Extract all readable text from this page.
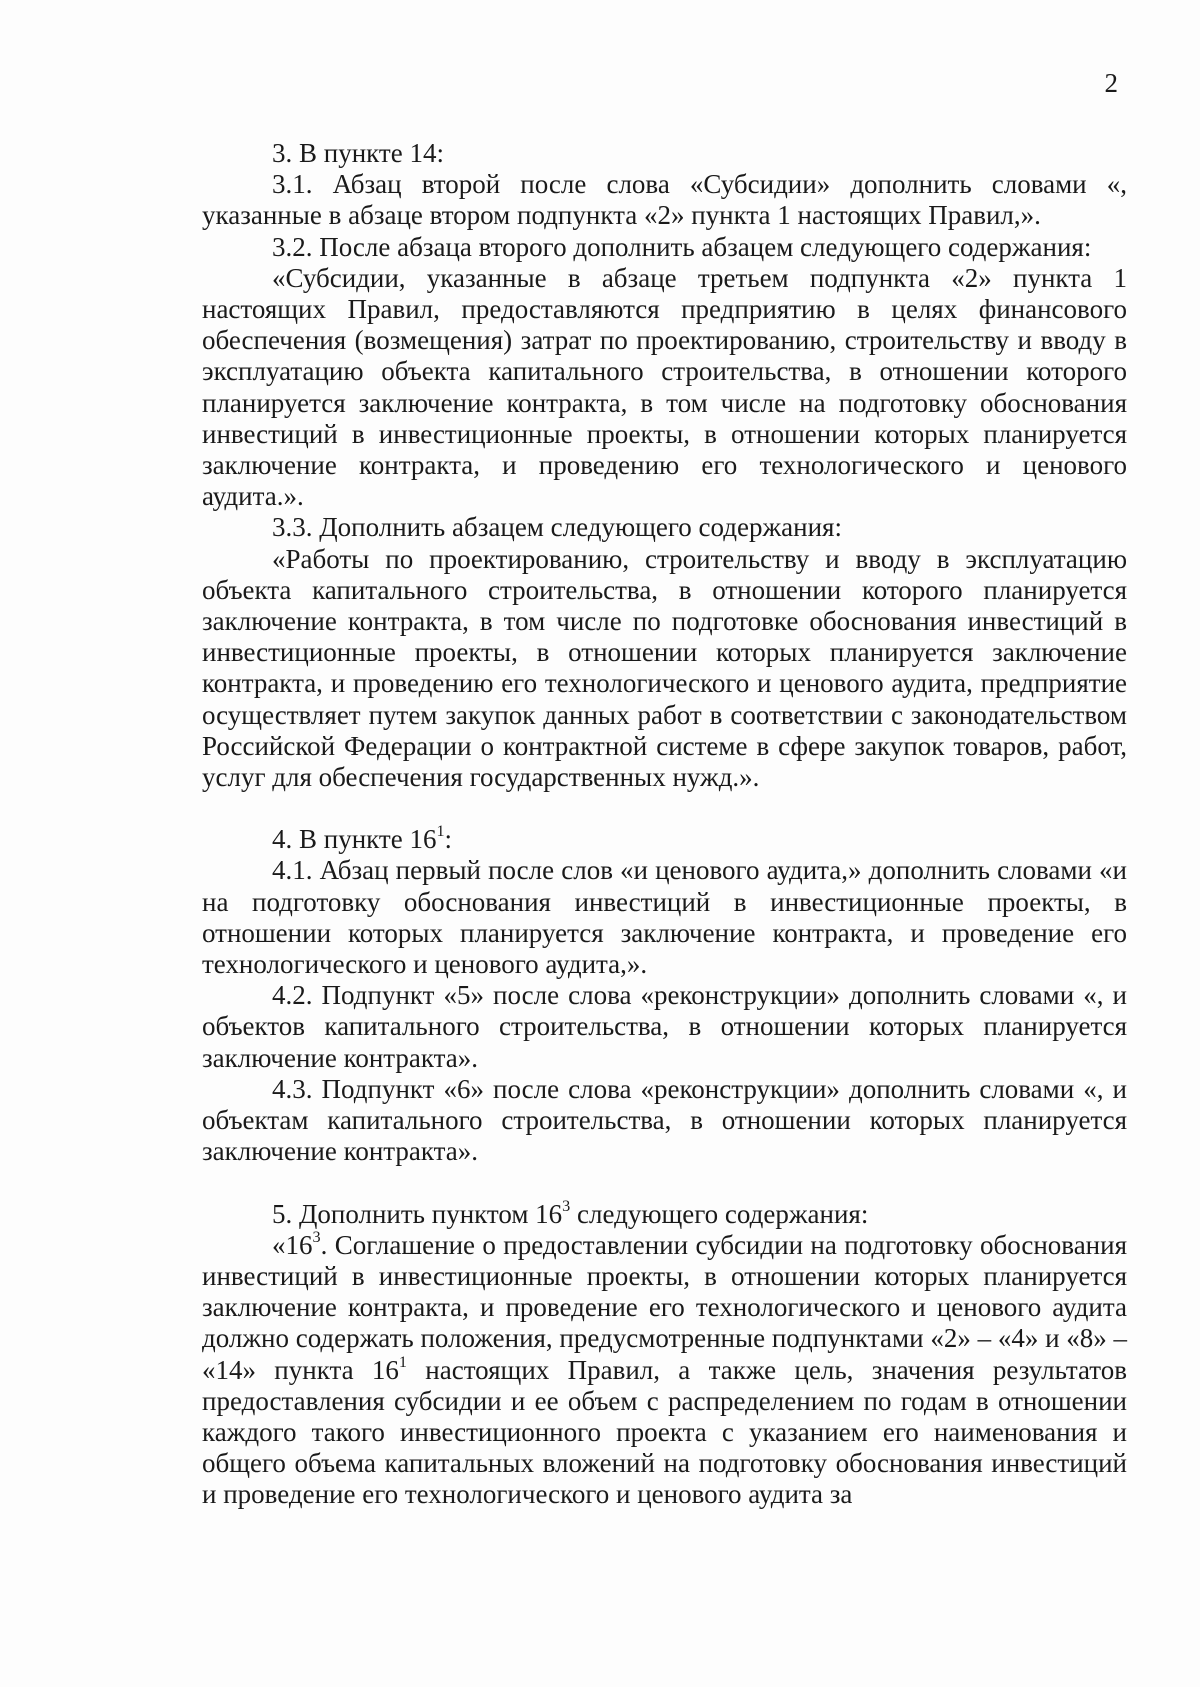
2

3. В пункте 14:

3.1. Абзац второй после слова «Субсидии» дополнить словами «, указанные в абзаце втором подпункта «2» пункта 1 настоящих Правил,».

3.2. После абзаца второго дополнить абзацем следующего содержания:

«Субсидии, указанные в абзаце третьем подпункта «2» пункта 1 настоящих Правил, предоставляются предприятию в целях финансового обеспечения (возмещения) затрат по проектированию, строительству и вводу в эксплуатацию объекта капитального строительства, в отношении которого планируется заключение контракта, в том числе на подготовку обоснования инвестиций в инвестиционные проекты, в отношении которых планируется заключение контракта, и проведению его технологического и ценового аудита.».

3.3. Дополнить абзацем следующего содержания:

«Работы по проектированию, строительству и вводу в эксплуатацию объекта капитального строительства, в отношении которого планируется заключение контракта, в том числе по подготовке обоснования инвестиций в инвестиционные проекты, в отношении которых планируется заключение контракта, и проведению его технологического и ценового аудита, предприятие осуществляет путем закупок данных работ в соответствии с законодательством Российской Федерации о контрактной системе в сфере закупок товаров, работ, услуг для обеспечения государственных нужд.».

4. В пункте $16^1$:

4.1. Абзац первый после слов «и ценового аудита,» дополнить словами «и на подготовку обоснования инвестиций в инвестиционные проекты, в отношении которых планируется заключение контракта, и проведение его технологического и ценового аудита,».

4.2. Подпункт «5» после слова «реконструкции» дополнить словами «, и объектов капитального строительства, в отношении которых планируется заключение контракта».

4.3. Подпункт «6» после слова «реконструкции» дополнить словами «, и объектам капитального строительства, в отношении которых планируется заключение контракта».

5. Дополнить пунктом $16^3$ следующего содержания:

«$16^3$. Соглашение о предоставлении субсидии на подготовку обоснования инвестиций в инвестиционные проекты, в отношении которых планируется заключение контракта, и проведение его технологического и ценового аудита должно содержать положения, предусмотренные подпунктами «2» – «4» и «8» – «14» пункта $16^1$ настоящих Правил, а также цель, значения результатов предоставления субсидии и ее объем с распределением по годам в отношении каждого такого инвестиционного проекта с указанием его наименования и общего объема капитальных вложений на подготовку обоснования инвестиций и проведение его технологического и ценового аудита за
